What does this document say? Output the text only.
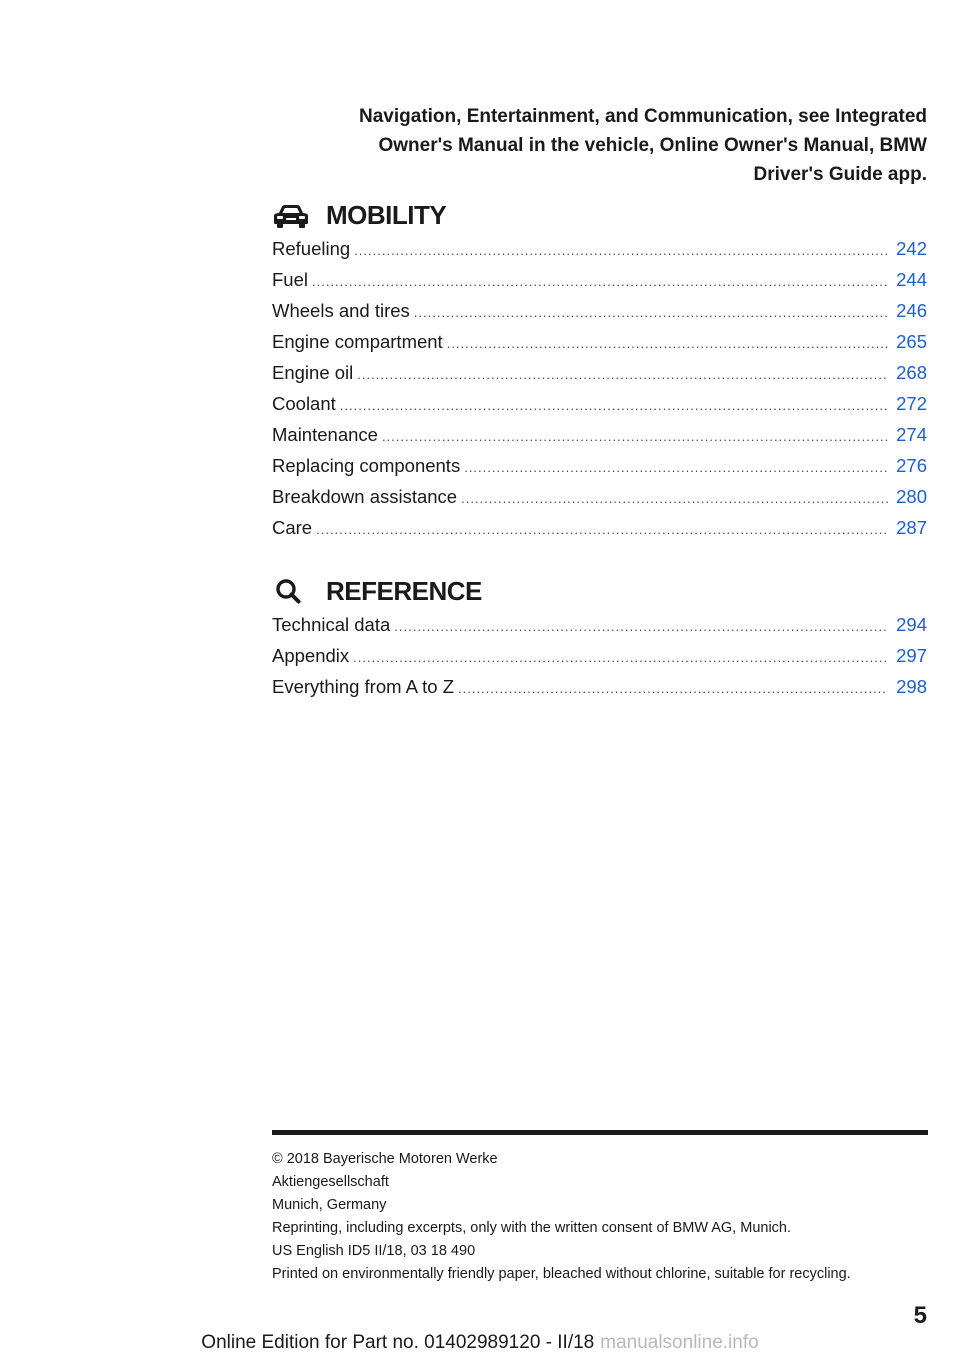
Navigation, Entertainment, and Communication, see Integrated
Owner's Manual in the vehicle, Online Owner's Manual, BMW
Driver's Guide app.
MOBILITY
Refueling .....	242
Fuel .....	244
Wheels and tires .....	246
Engine compartment .....	265
Engine oil .....	268
Coolant .....	272
Maintenance .....	274
Replacing components .....	276
Breakdown assistance .....	280
Care .....	287
REFERENCE
Technical data .....	294
Appendix .....	297
Everything from A to Z .....	298
© 2018 Bayerische Motoren Werke
Aktiengesellschaft
Munich, Germany
Reprinting, including excerpts, only with the written consent of BMW AG, Munich.
US English ID5 II/18, 03 18 490
Printed on environmentally friendly paper, bleached without chlorine, suitable for recycling.
5
Online Edition for Part no. 01402989120 - II/18 manualsonline.info
